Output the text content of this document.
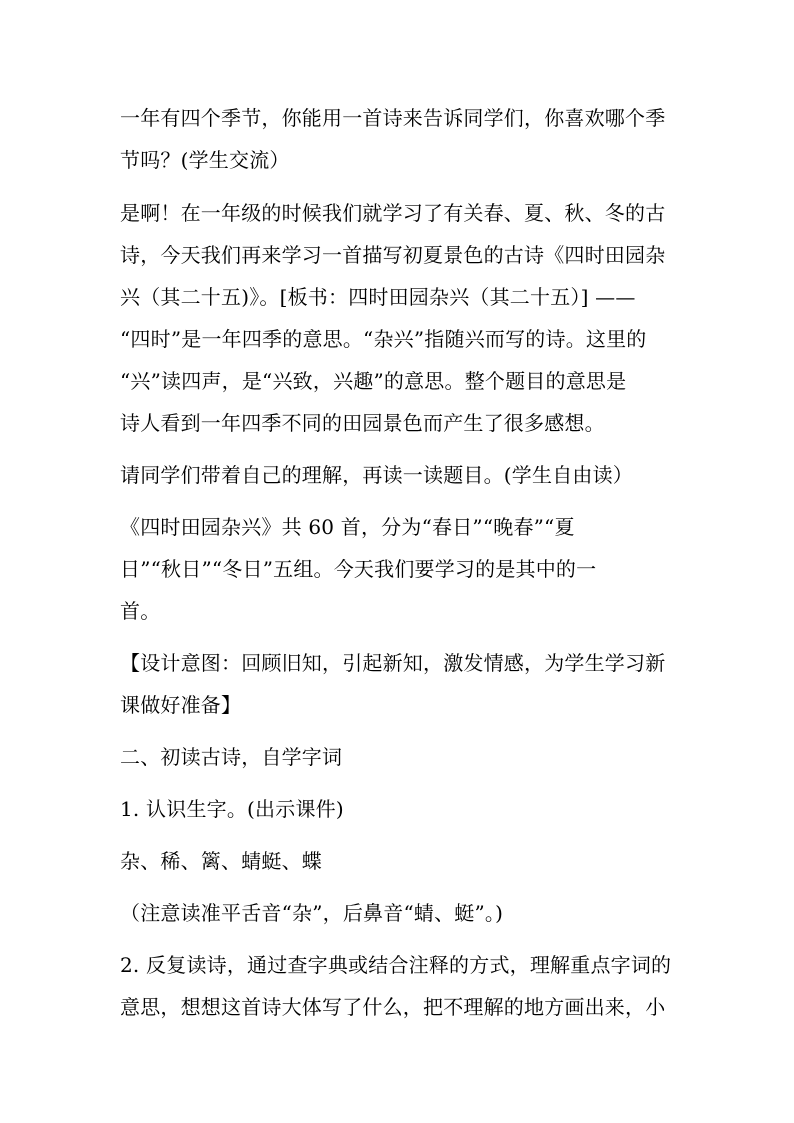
一年有四个季节，你能用一首诗来告诉同学们，你喜欢哪个季
节吗？(学生交流）
是啊！在一年级的时候我们就学习了有关春、夏、秋、冬的古
诗，今天我们再来学习一首描写初夏景色的古诗《四时田园杂
兴（其二十五)》。[板书：四时田园杂兴（其二十五）] ——
“四时”是一年四季的意思。“杂兴”指随兴而写的诗。这里的
“兴”读四声，是“兴致，兴趣”的意思。整个题目的意思是
诗人看到一年四季不同的田园景色而产生了很多感想。
请同学们带着自己的理解，再读一读题目。(学生自由读）
《四时田园杂兴》共 60 首，分为“春日”“晚春”“夏
日”“秋日”“冬日”五组。今天我们要学习的是其中的一
首。
【设计意图：回顾旧知，引起新知，激发情感，为学生学习新
课做好准备】
二、初读古诗，自学字词
1. 认识生字。(出示课件)
杂、稀、篱、蜻蜓、蝶
（注意读准平舌音“杂”，后鼻音“蜻、蜓”。)
2. 反复读诗，通过查字典或结合注释的方式，理解重点字词的
意思，想想这首诗大体写了什么，把不理解的地方画出来，小
